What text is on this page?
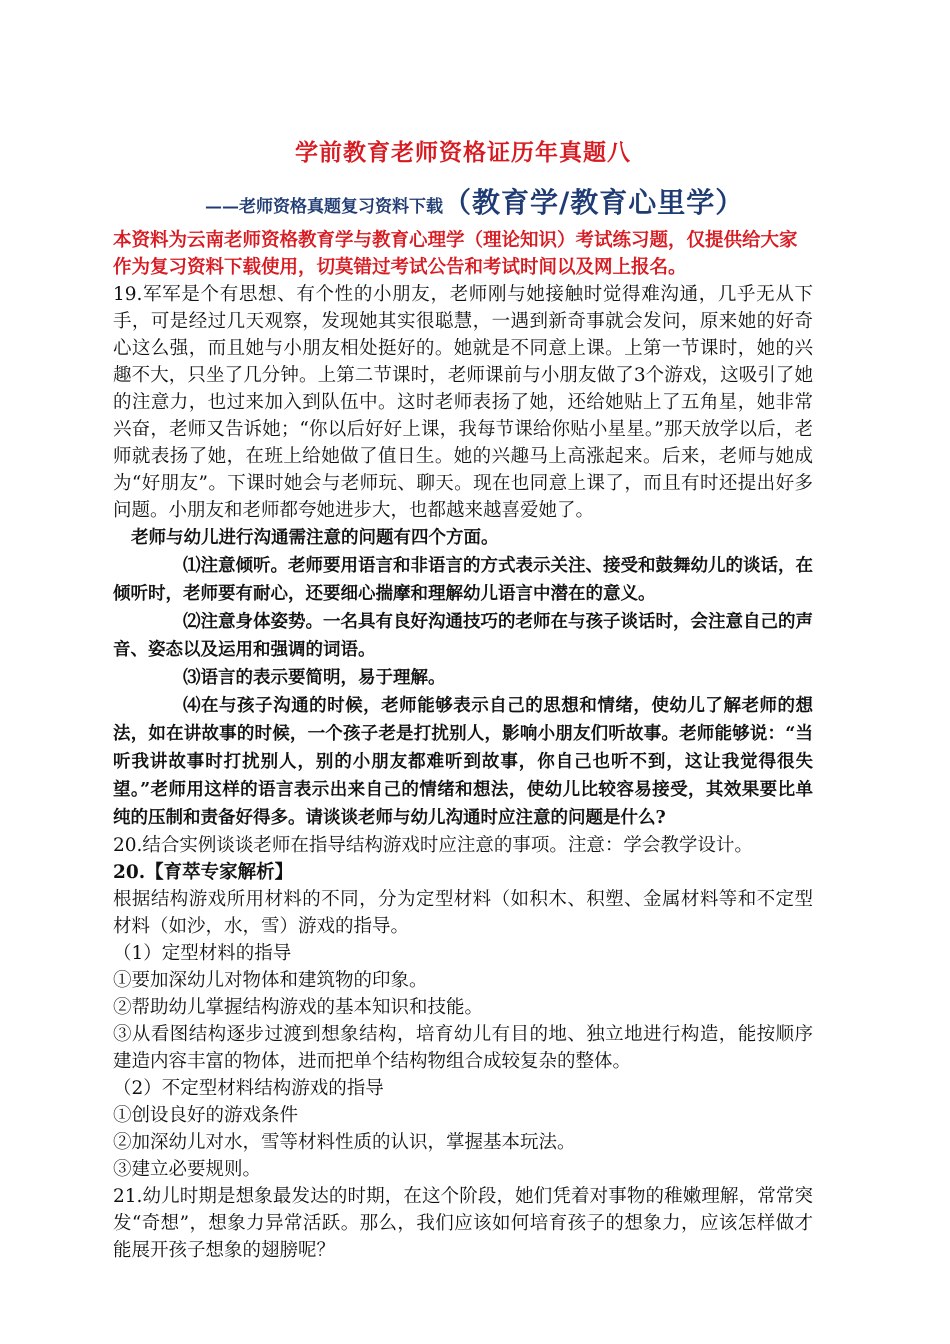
学前教育老师资格证历年真题八

——老师资格真题复习资料下载（教育学/教育心里学）

本资料为云南老师资格教育学与教育心理学（理论知识）考试练习题，仅提供给大家作为复习资料下载使用，切莫错过考试公告和考试时间以及网上报名。

19.军军是个有思想、有个性的小朋友，老师刚与她接触时觉得难沟通，几乎无从下手，可是经过几天观察，发现她其实很聪慧，一遇到新奇事就会发问，原来她的好奇心这么强，而且她与小朋友相处挺好的。她就是不同意上课。上第一节课时，她的兴趣不大，只坐了几分钟。上第二节课时，老师课前与小朋友做了3个游戏，这吸引了她的注意力，也过来加入到队伍中。这时老师表扬了她，还给她贴上了五角星，她非常兴奋，老师又告诉她；“你以后好好上课，我每节课给你贴小星星。”那天放学以后，老师就表扬了她，在班上给她做了值日生。她的兴趣马上高涨起来。后来，老师与她成为“好朋友”。下课时她会与老师玩、聊天。现在也同意上课了，而且有时还提出好多问题。小朋友和老师都夸她进步大，也都越来越喜爱她了。

老师与幼儿进行沟通需注意的问题有四个方面。

⑴注意倾听。老师要用语言和非语言的方式表示关注、接受和鼓舞幼儿的谈话，在倾听时，老师要有耐心，还要细心揣摩和理解幼儿语言中潜在的意义。

⑵注意身体姿势。一名具有良好沟通技巧的老师在与孩子谈话时，会注意自己的声音、姿态以及运用和强调的词语。

⑶语言的表示要简明，易于理解。

⑷在与孩子沟通的时候，老师能够表示自己的思想和情绪，使幼儿了解老师的想法，如在讲故事的时候，一个孩子老是打扰别人，影响小朋友们听故事。老师能够说：“当听我讲故事时打扰别人，别的小朋友都难听到故事，你自己也听不到，这让我觉得很失望。”老师用这样的语言表示出来自己的情绪和想法，使幼儿比较容易接受，其效果要比单纯的压制和责备好得多。请谈谈老师与幼儿沟通时应注意的问题是什么?

20.结合实例谈谈老师在指导结构游戏时应注意的事项。注意：学会教学设计。

20.【育萃专家解析】

根据结构游戏所用材料的不同，分为定型材料（如积木、积塑、金属材料等和不定型材料（如沙，水，雪）游戏的指导。

（1）定型材料的指导

①要加深幼儿对物体和建筑物的印象。

②帮助幼儿掌握结构游戏的基本知识和技能。

③从看图结构逐步过渡到想象结构，培育幼儿有目的地、独立地进行构造，能按顺序建造内容丰富的物体，进而把单个结构物组合成较复杂的整体。

（2）不定型材料结构游戏的指导

①创设良好的游戏条件

②加深幼儿对水，雪等材料性质的认识，掌握基本玩法。

③建立必要规则。

21.幼儿时期是想象最发达的时期，在这个阶段，她们凭着对事物的稚嫩理解，常常突发“奇想”，想象力异常活跃。那么，我们应该如何培育孩子的想象力，应该怎样做才能展开孩子想象的翅膀呢？
